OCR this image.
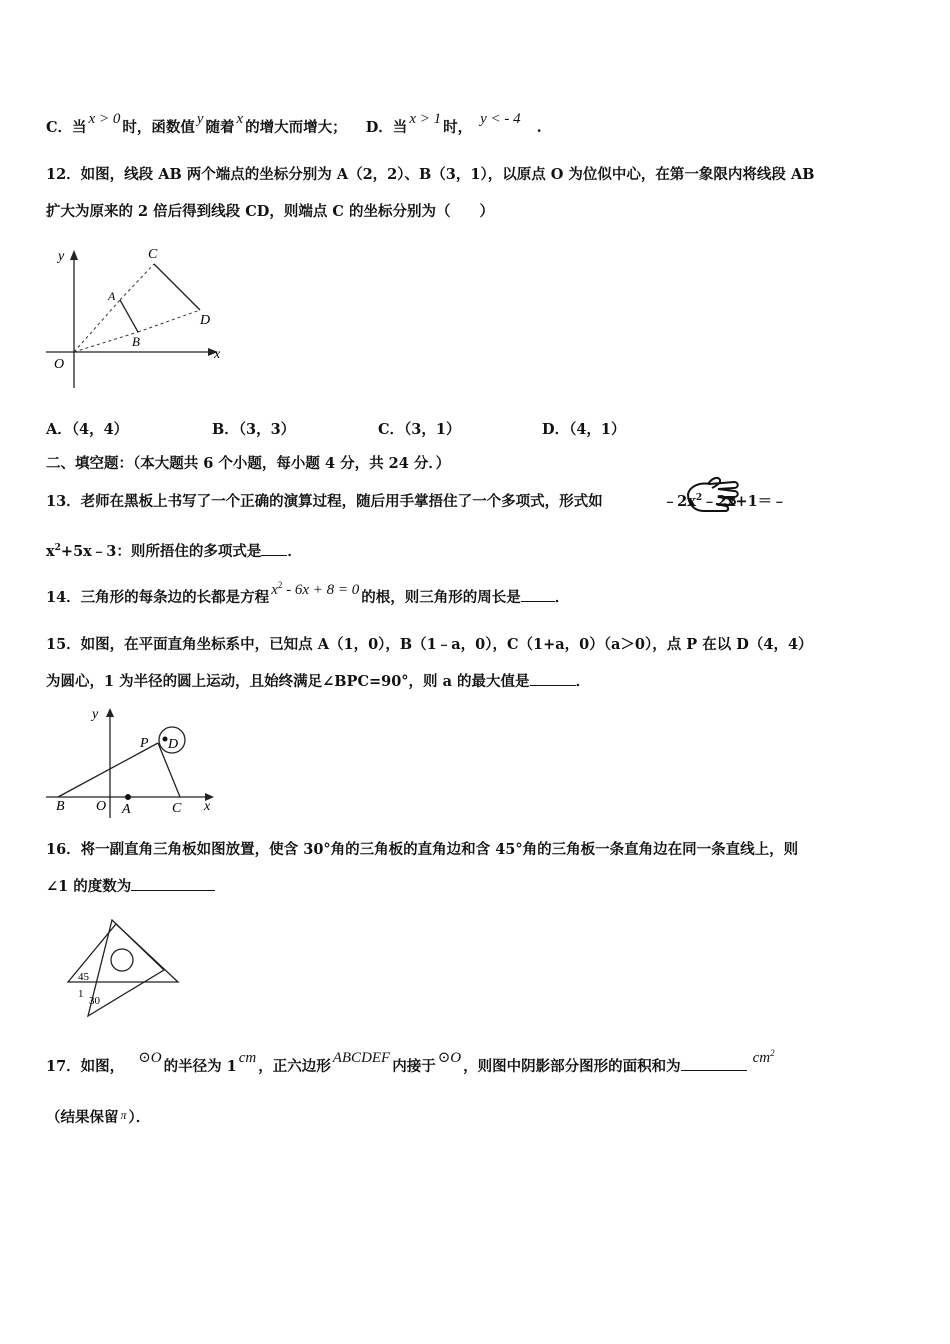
C．当 x > 0 时，函数值 y 随着 x 的增大而增大； D．当 x > 1 时， y < - 4 .
12．如图，线段 AB 两个端点的坐标分别为 A（2，2）、B（3，1），以原点 O 为位似中心，在第一象限内将线段 AB
扩大为原来的 2 倍后得到线段 CD，则端点 C 的坐标分别为（　　）
y
x
O
A
B
C
D
A．（4，4）	B．（3，3）	C．（3，1）	D．（4，1）
二、填空题：（本大题共 6 个小题，每小题 4 分，共 24 分．）
13．老师在黑板上书写了一个正确的演算过程，随后用手掌捂住了一个多项式，形式如	$﹣2x^2﹣2x+1=﹣$
$x^2+5x﹣3$：则所捂住的多项式是 ．
14．三角形的每条边的长都是方程 $x^2 - 6x + 8 = 0$ 的根，则三角形的周长是 ．
15．如图，在平面直角坐标系中，已知点 A（1，0），B（1﹣a，0），C（1+a，0）（a＞0），点 P 在以 D（4，4）
为圆心，1 为半径的圆上运动，且始终满足∠BPC=90°，则 a 的最大值是	．
y
x
O A
B	C
P D
16．将一副直角三角板如图放置，使含 30°角的三角板的直角边和含 45°角的三角板一条直角边在同一条直线上，则
∠1 的度数为
45
1
30
17．如图， ⊙O 的半径为 1 cm ，正六边形 ABCDEF 内接于 ⊙O ，则图中阴影部分图形的面积和为	$cm^2$
（结果保留 $^\pi$ ）．
